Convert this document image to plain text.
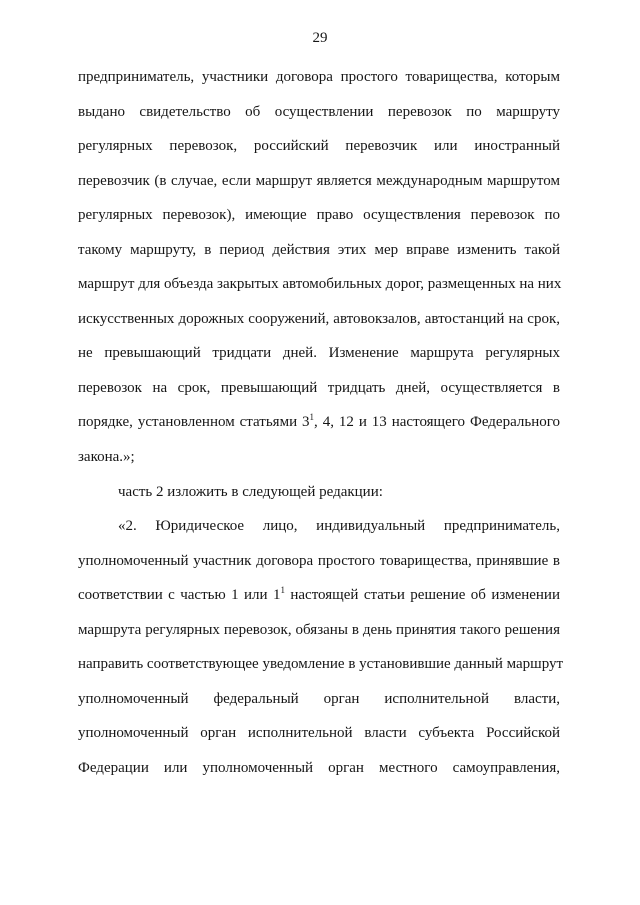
29
предприниматель, участники договора простого товарищества, которым
выдано свидетельство об осуществлении перевозок по маршруту
регулярных перевозок, российский перевозчик или иностранный
перевозчик (в случае, если маршрут является международным маршрутом
регулярных перевозок), имеющие право осуществления перевозок по
такому маршруту, в период действия этих мер вправе изменить такой
маршрут для объезда закрытых автомобильных дорог, размещенных на них
искусственных дорожных сооружений, автовокзалов, автостанций на срок,
не превышающий тридцати дней. Изменение маршрута регулярных
перевозок на срок, превышающий тридцать дней, осуществляется в
порядке, установленном статьями $3^1$, 4, 12 и 13 настоящего Федерального
закона.»;
часть 2 изложить в следующей редакции:
«2. Юридическое лицо, индивидуальный предприниматель,
уполномоченный участник договора простого товарищества, принявшие в
соответствии с частью 1 или $1^1$ настоящей статьи решение об изменении
маршрута регулярных перевозок, обязаны в день принятия такого решения
направить соответствующее уведомление в установившие данный маршрут
уполномоченный федеральный орган исполнительной власти,
уполномоченный орган исполнительной власти субъекта Российской
Федерации или уполномоченный орган местного самоуправления,
